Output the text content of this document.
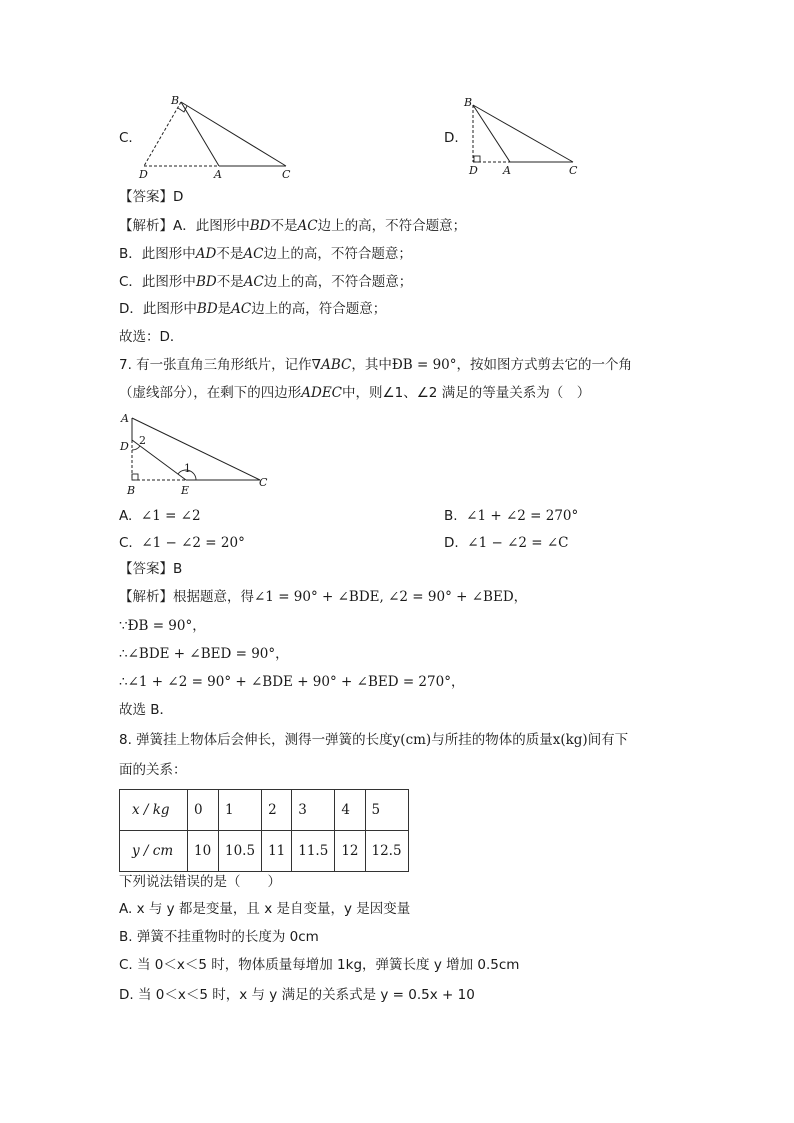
C.
B
A	C
D
D.
B
D A	C
【答案】D
【解析】A．此图形中BD不是AC边上的高，不符合题意；
B．此图形中AD不是AC边上的高，不符合题意；
C．此图形中BD不是AC边上的高，不符合题意；
D．此图形中BD是AC边上的高，符合题意；
故选：D．
7. 有一张直角三角形纸片，记作∇ABC，其中ÐB = 90°，按如图方式剪去它的一个角
（虚线部分），在剩下的四边形ADEC中，则∠1、∠2 满足的等量关系为（　）
A
D 2
B	E
1
C
A. ∠1 = ∠2	B. ∠1 + ∠2 = 270°
C. ∠1 − ∠2 = 20°	D. ∠1 − ∠2 = ∠C
【答案】B
【解析】根据题意，得∠1 = 90° + ∠BDE, ∠2 = 90° + ∠BED，
∵ÐB = 90°，
∴∠BDE + ∠BED = 90°，
∴∠1 + ∠2 = 90° + ∠BDE + 90° + ∠BED = 270°，
故选 B．
8. 弹簧挂上物体后会伸长，测得一弹簧的长度y(cm)与所挂的物体的质量x(kg)间有下
面的关系：
x / kg	0	1	2	3	4	5
y / cm	10	10.5	11	11.5	12	12.5
下列说法错误的是（　　）
A. x 与 y 都是变量，且 x 是自变量，y 是因变量
B. 弹簧不挂重物时的长度为 0cm
C. 当 0＜x＜5 时，物体质量每增加 1kg，弹簧长度 y 增加 0.5cm
D. 当 0＜x＜5 时，x 与 y 满足的关系式是 y = 0.5x + 10
